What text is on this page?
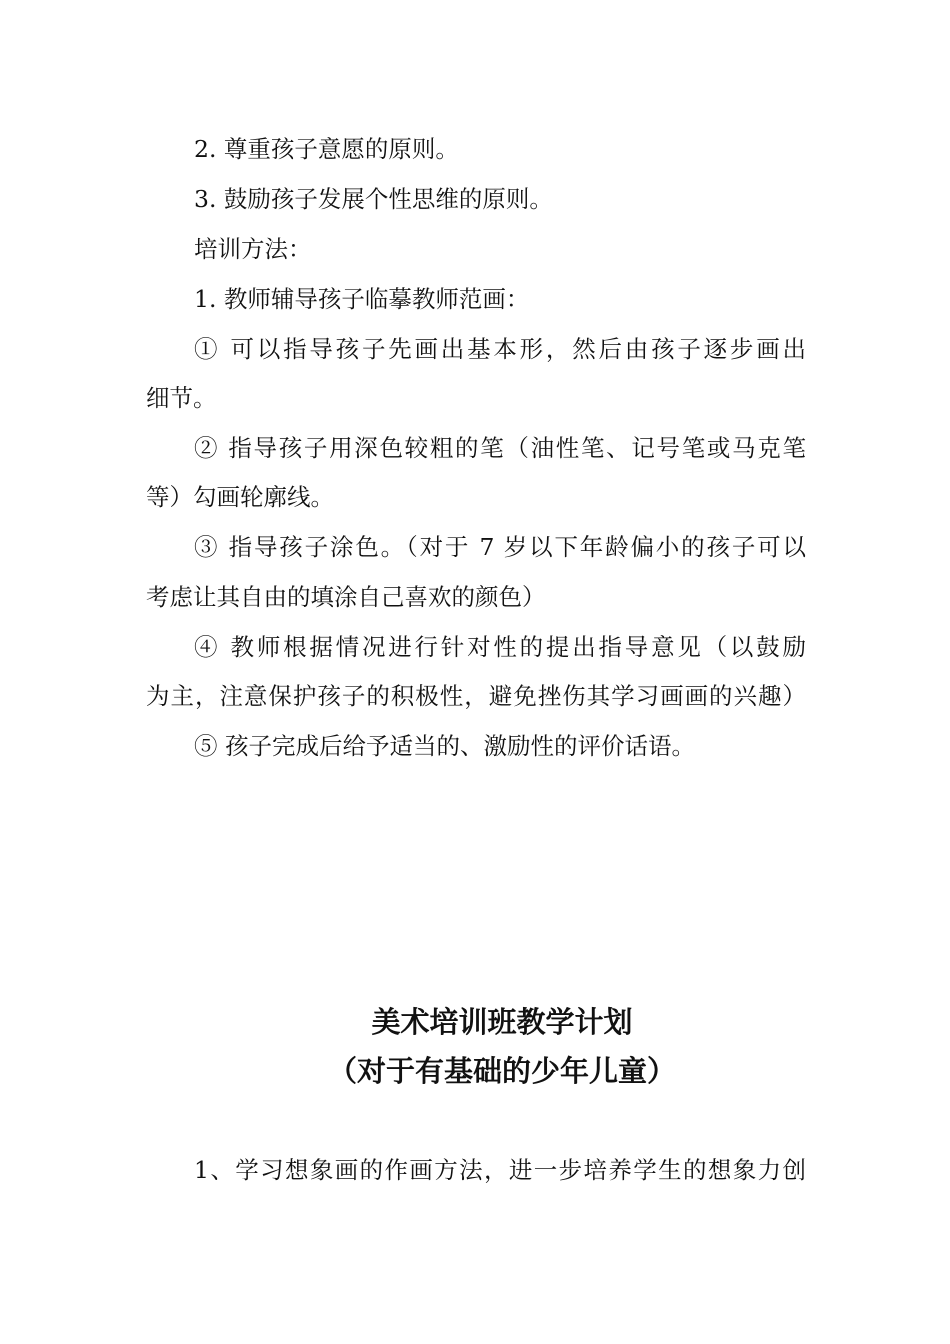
2. 尊重孩子意愿的原则。
3. 鼓励孩子发展个性思维的原则。
培训方法：
1. 教师辅导孩子临摹教师范画：
① 可以指导孩子先画出基本形，然后由孩子逐步画出
细节。
② 指导孩子用深色较粗的笔（油性笔、记号笔或马克笔
等）勾画轮廓线。
③ 指导孩子涂色。（对于 7 岁以下年龄偏小的孩子可以
考虑让其自由的填涂自己喜欢的颜色）
④ 教师根据情况进行针对性的提出指导意见（以鼓励
为主，注意保护孩子的积极性，避免挫伤其学习画画的兴趣）
⑤ 孩子完成后给予适当的、激励性的评价话语。
美术培训班教学计划
（对于有基础的少年儿童）
1、学习想象画的作画方法，进一步培养学生的想象力创
